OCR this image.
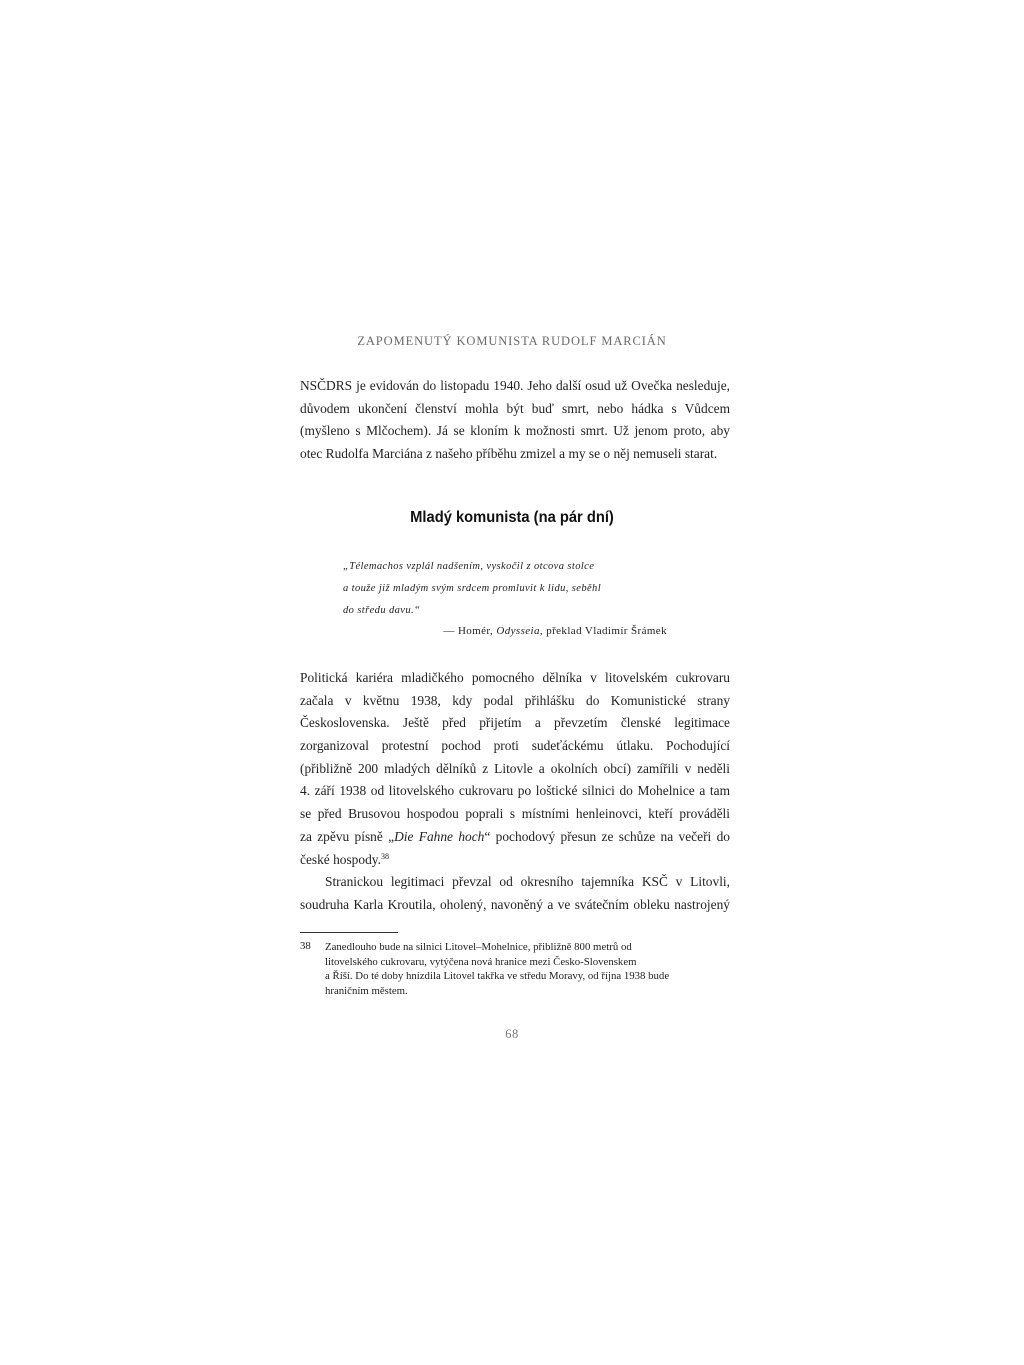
ZAPOMENUTÝ KOMUNISTA RUDOLF MARCIÁN
NSČDRS je evidován do listopadu 1940. Jeho další osud už Ovečka nesleduje,
důvodem ukončení členství mohla být buď smrt, nebo hádka s Vůdcem
(myšleno s Mlčochem). Já se kloním k možnosti smrt. Už jenom proto, aby
otec Rudolfa Marciána z našeho příběhu zmizel a my se o něj nemuseli starat.
Mladý komunista (na pár dní)
„Télemachos vzplál nadšením, vyskočil z otcova stolce
a touže již mladým svým srdcem promluvit k lidu, seběhl
do středu davu.“
— Homér, Odysseia, překlad Vladimír Šrámek
Politická kariéra mladičkého pomocného dělníka v litovelském cukrovaru
začala v květnu 1938, kdy podal přihlášku do Komunistické strany
Československa. Ještě před přijetím a převzetím členské legitimace
zorganizoval protestní pochod proti sudeťáckému útlaku. Pochodující
(přibližně 200 mladých dělníků z Litovle a okolních obcí) zamířili v neděli
4. září 1938 od litovelského cukrovaru po loštické silnici do Mohelnice a tam
se před Brusovou hospodou poprali s místními henleinovci, kteří prováděli
za zpěvu písně „Die Fahne hoch“ pochodový přesun ze schůze na večeři do
české hospody.$^{38}$
Stranickou legitimaci převzal od okresního tajemníka KSČ v Litovli,
soudruha Karla Kroutila, oholený, navoněný a ve svátečním obleku nastrojený
38 Zanedlouho bude na silnici Litovel–Mohelnice, přibližně 800 metrů od
litovelského cukrovaru, vytýčena nová hranice mezi Česko-Slovenskem
a Říší. Do té doby hnízdila Litovel takřka ve středu Moravy, od října 1938 bude
hraničním městem.
68
